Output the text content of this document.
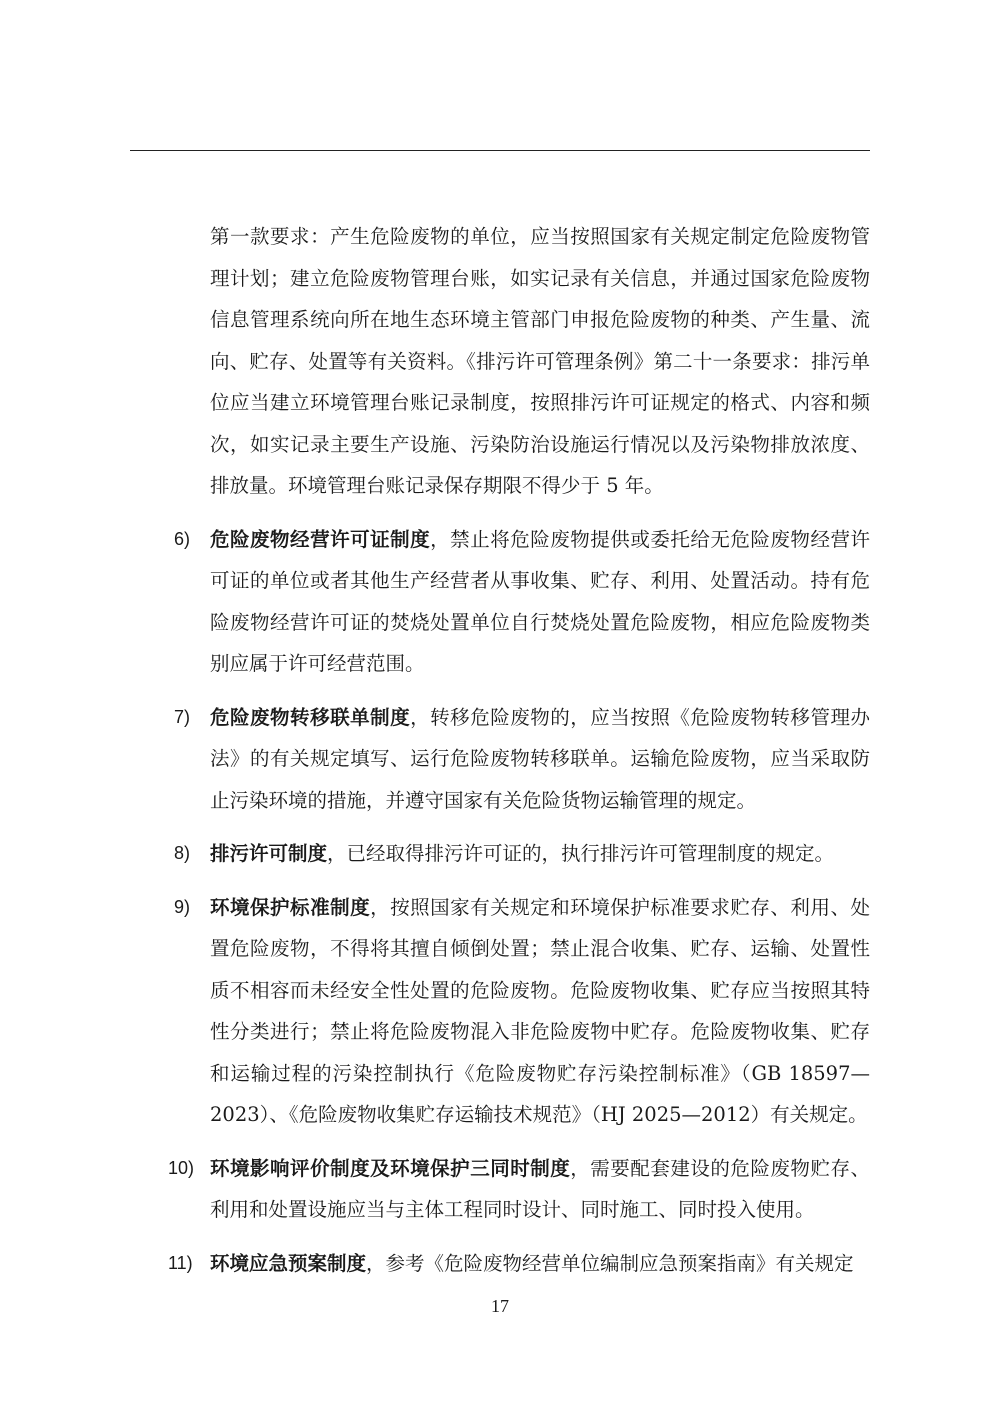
第一款要求：产生危险废物的单位，应当按照国家有关规定制定危险废物管理计划；建立危险废物管理台账，如实记录有关信息，并通过国家危险废物信息管理系统向所在地生态环境主管部门申报危险废物的种类、产生量、流向、贮存、处置等有关资料。《排污许可管理条例》第二十一条要求：排污单位应当建立环境管理台账记录制度，按照排污许可证规定的格式、内容和频次，如实记录主要生产设施、污染防治设施运行情况以及污染物排放浓度、排放量。环境管理台账记录保存期限不得少于 5 年。

6) 危险废物经营许可证制度，禁止将危险废物提供或委托给无危险废物经营许可证的单位或者其他生产经营者从事收集、贮存、利用、处置活动。持有危险废物经营许可证的焚烧处置单位自行焚烧处置危险废物，相应危险废物类别应属于许可经营范围。
7) 危险废物转移联单制度，转移危险废物的，应当按照《危险废物转移管理办法》的有关规定填写、运行危险废物转移联单。运输危险废物，应当采取防止污染环境的措施，并遵守国家有关危险货物运输管理的规定。
8) 排污许可制度，已经取得排污许可证的，执行排污许可管理制度的规定。
9) 环境保护标准制度，按照国家有关规定和环境保护标准要求贮存、利用、处置危险废物，不得将其擅自倾倒处置；禁止混合收集、贮存、运输、处置性质不相容而未经安全性处置的危险废物。危险废物收集、贮存应当按照其特性分类进行；禁止将危险废物混入非危险废物中贮存。危险废物收集、贮存和运输过程的污染控制执行《危险废物贮存污染控制标准》（GB 18597—2023）、《危险废物收集贮存运输技术规范》（HJ 2025—2012）有关规定。
10) 环境影响评价制度及环境保护三同时制度，需要配套建设的危险废物贮存、利用和处置设施应当与主体工程同时设计、同时施工、同时投入使用。
11) 环境应急预案制度，参考《危险废物经营单位编制应急预案指南》有关规定
17
